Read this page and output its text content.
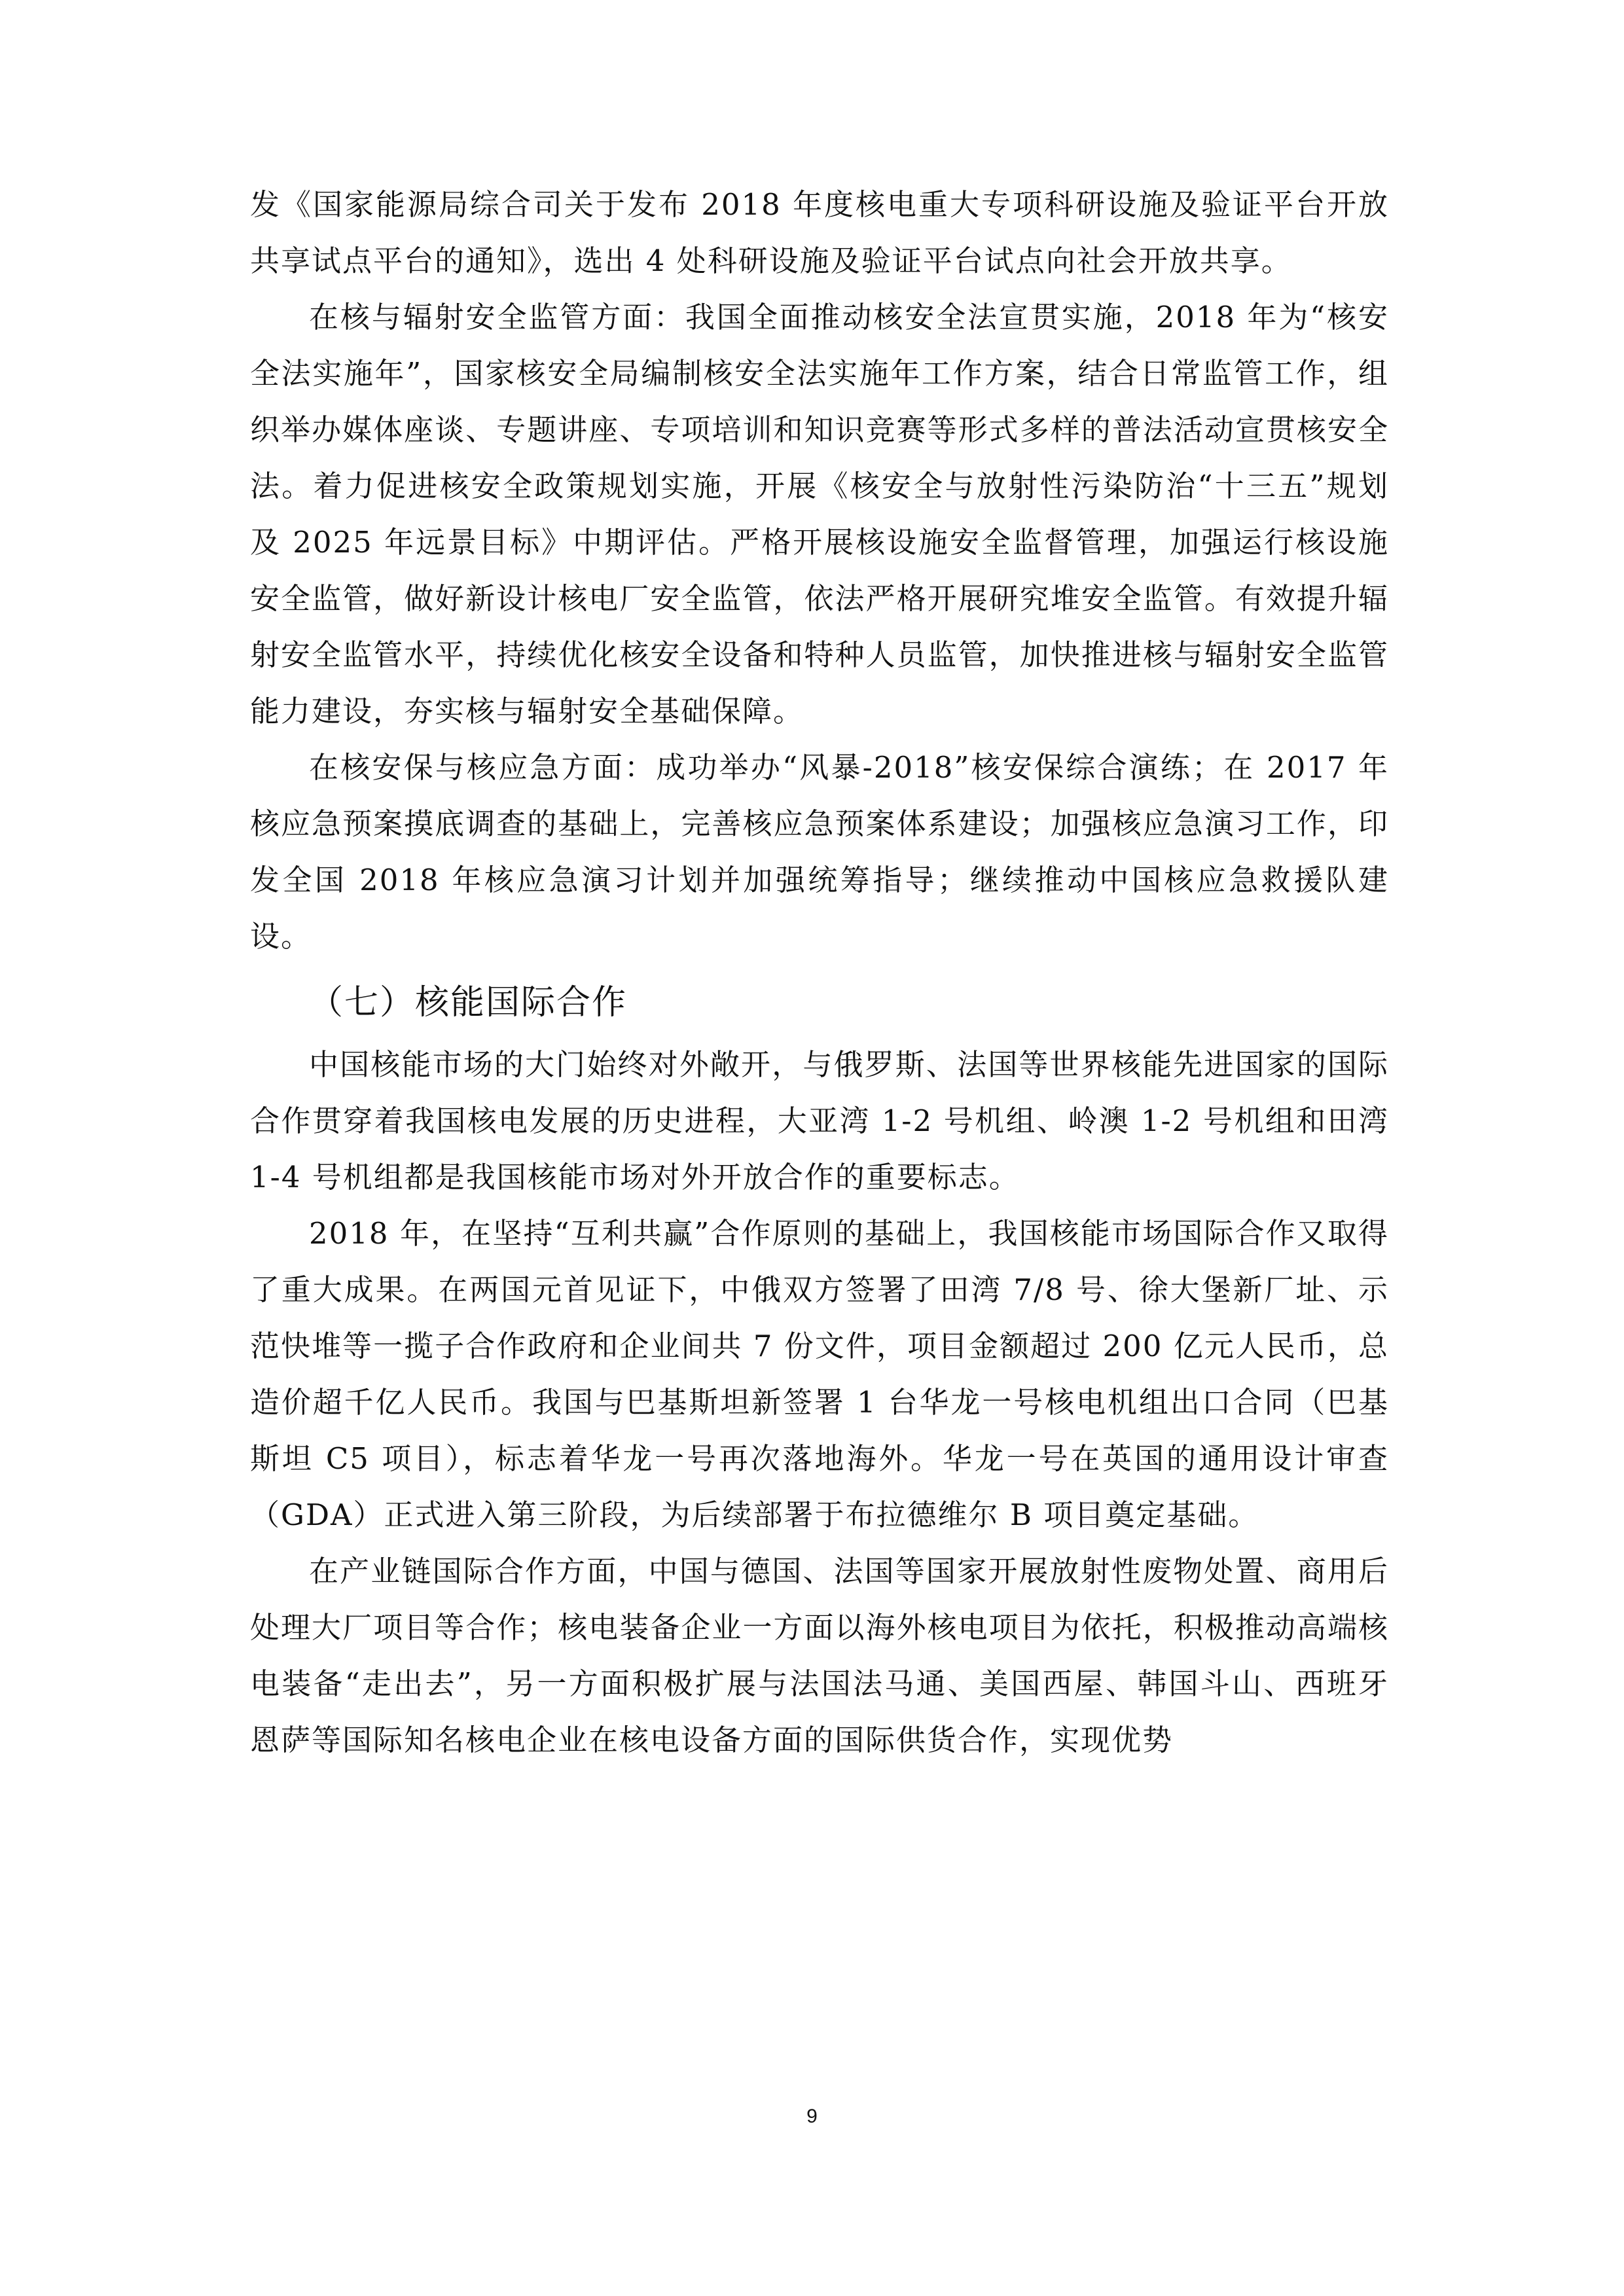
发《国家能源局综合司关于发布 2018 年度核电重大专项科研设施及验证平台开放共享试点平台的通知》，选出 4 处科研设施及验证平台试点向社会开放共享。

在核与辐射安全监管方面：我国全面推动核安全法宣贯实施，2018 年为“核安全法实施年”，国家核安全局编制核安全法实施年工作方案，结合日常监管工作，组织举办媒体座谈、专题讲座、专项培训和知识竞赛等形式多样的普法活动宣贯核安全法。着力促进核安全政策规划实施，开展《核安全与放射性污染防治“十三五”规划及 2025 年远景目标》中期评估。严格开展核设施安全监督管理，加强运行核设施安全监管，做好新设计核电厂安全监管，依法严格开展研究堆安全监管。有效提升辐射安全监管水平，持续优化核安全设备和特种人员监管，加快推进核与辐射安全监管能力建设，夯实核与辐射安全基础保障。

在核安保与核应急方面：成功举办“风暴-2018”核安保综合演练；在 2017 年核应急预案摸底调查的基础上，完善核应急预案体系建设；加强核应急演习工作，印发全国 2018 年核应急演习计划并加强统筹指导；继续推动中国核应急救援队建设。

（七）核能国际合作

中国核能市场的大门始终对外敞开，与俄罗斯、法国等世界核能先进国家的国际合作贯穿着我国核电发展的历史进程，大亚湾 1-2 号机组、岭澳 1-2 号机组和田湾 1-4 号机组都是我国核能市场对外开放合作的重要标志。

2018 年，在坚持“互利共赢”合作原则的基础上，我国核能市场国际合作又取得了重大成果。在两国元首见证下，中俄双方签署了田湾 7/8 号、徐大堡新厂址、示范快堆等一揽子合作政府和企业间共 7 份文件，项目金额超过 200 亿元人民币，总造价超千亿人民币。我国与巴基斯坦新签署 1 台华龙一号核电机组出口合同（巴基斯坦 C5 项目），标志着华龙一号再次落地海外。华龙一号在英国的通用设计审查（GDA）正式进入第三阶段，为后续部署于布拉德维尔 B 项目奠定基础。

在产业链国际合作方面，中国与德国、法国等国家开展放射性废物处置、商用后处理大厂项目等合作；核电装备企业一方面以海外核电项目为依托，积极推动高端核电装备“走出去”，另一方面积极扩展与法国法马通、美国西屋、韩国斗山、西班牙恩萨等国际知名核电企业在核电设备方面的国际供货合作，实现优势

9
